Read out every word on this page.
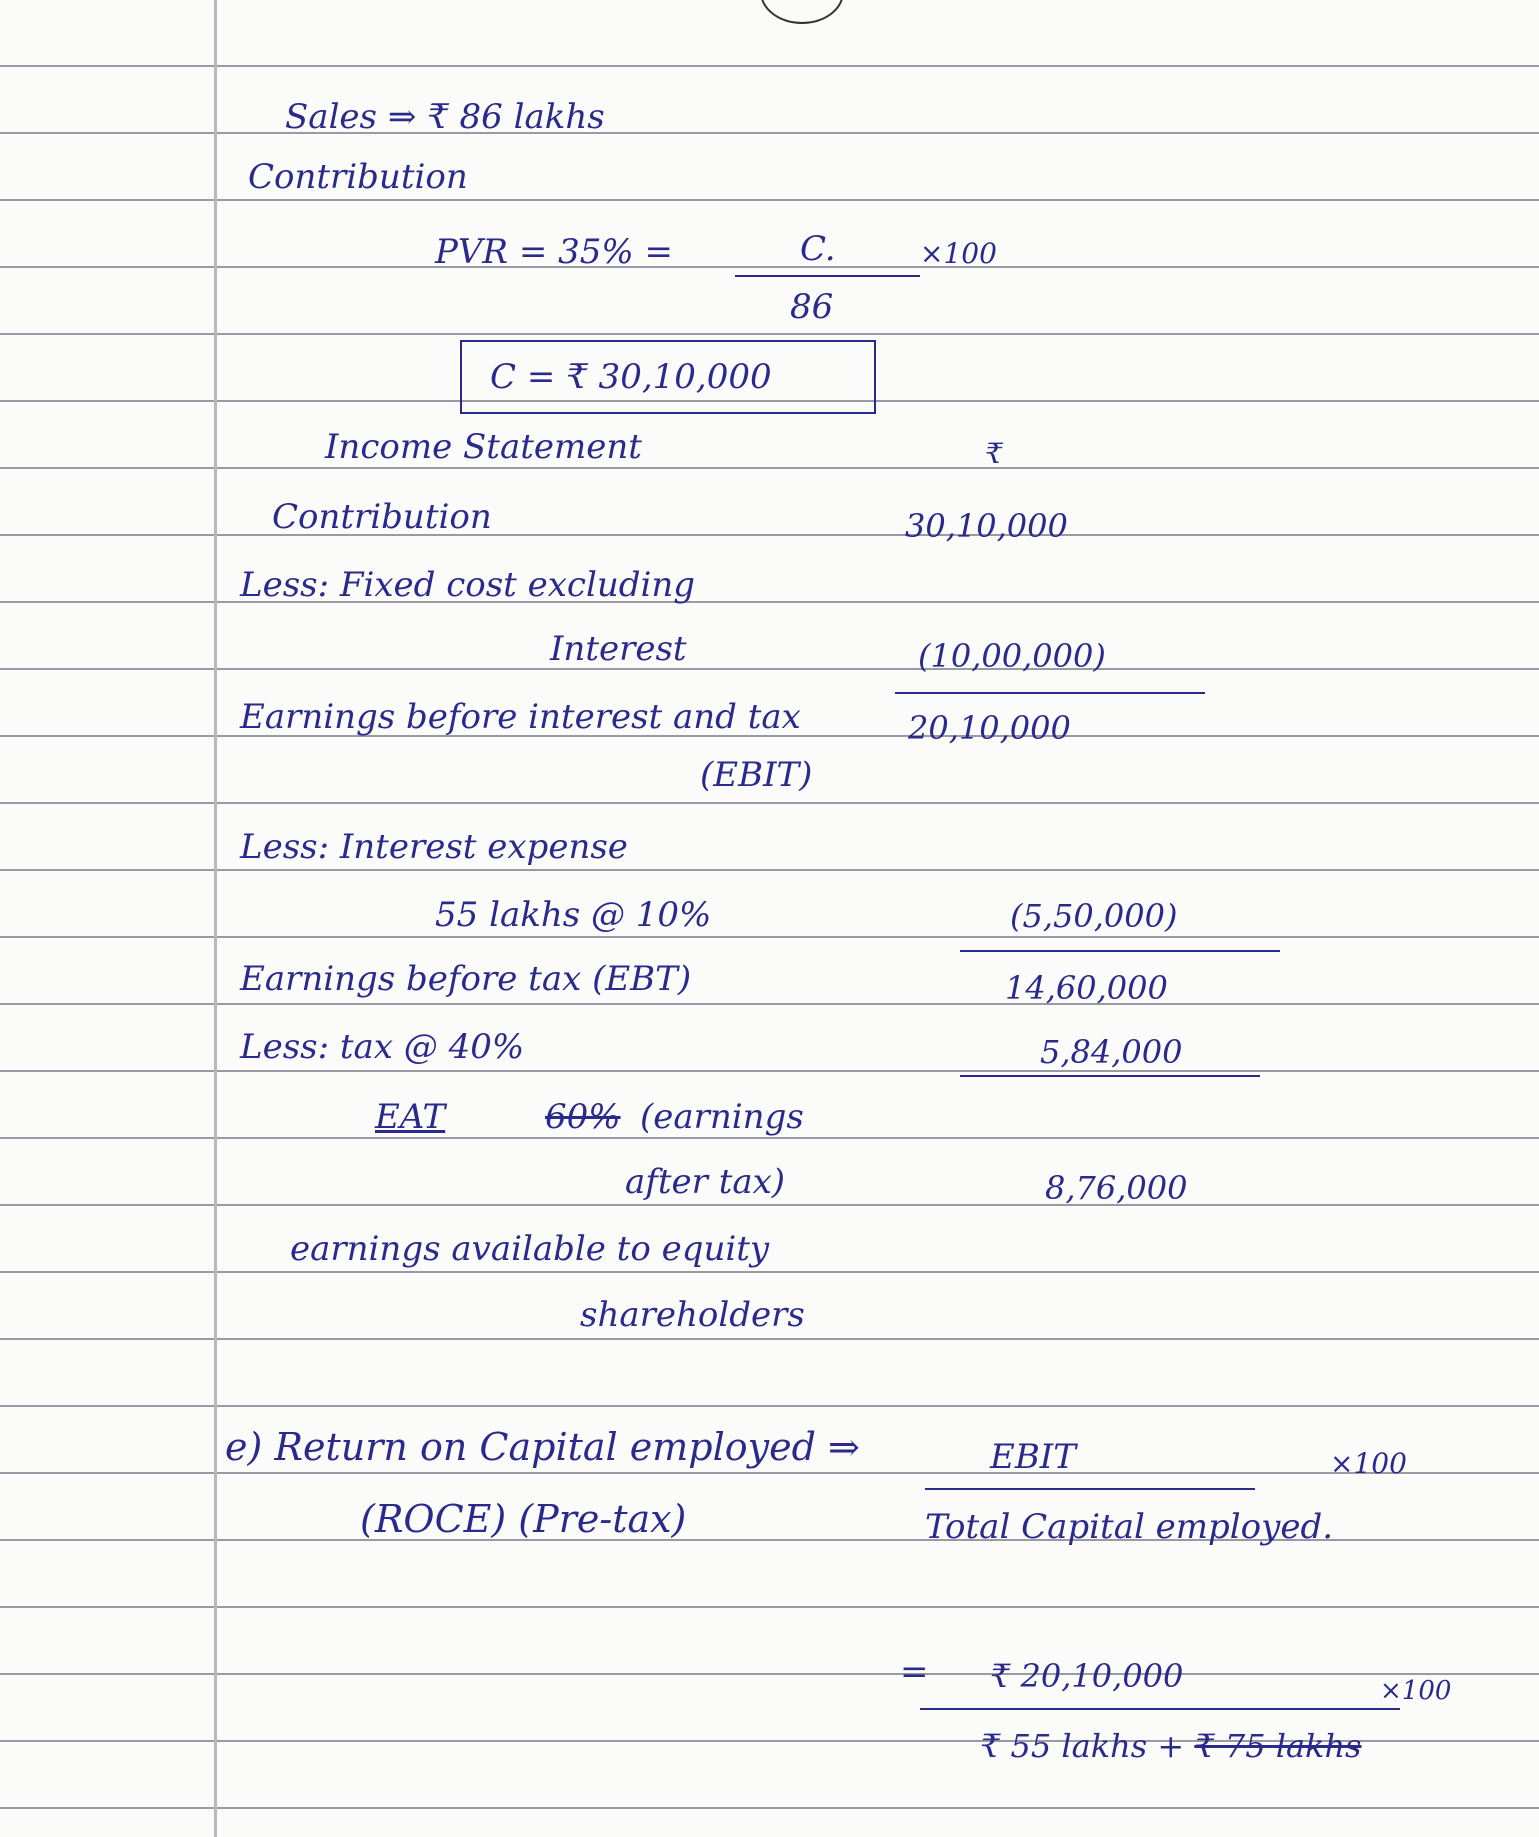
Sales ⇒ ₹ 86 lakhs
Contribution
PVR = 35% =	C.	×100
86
C = ₹ 30,10,000
Income Statement	₹
Contribution	30,10,000
Less: Fixed cost excluding
Interest	(10,00,000)
Earnings before interest and tax	20,10,000
(EBIT)
Less: Interest expense
55 lakhs @ 10%	(5,50,000)
Earnings before tax (EBT)	14,60,000
Less: tax @ 40%	5,84,000
EAT	60% (earnings
after tax)	8,76,000
earnings available to equity
shareholders
e) Return on Capital employed ⇒	EBIT	×100
(ROCE) (Pre-tax)	Total Capital employed.
= ₹ 20,10,000	×100
₹ 55 lakhs + ₹ 75 lakhs
